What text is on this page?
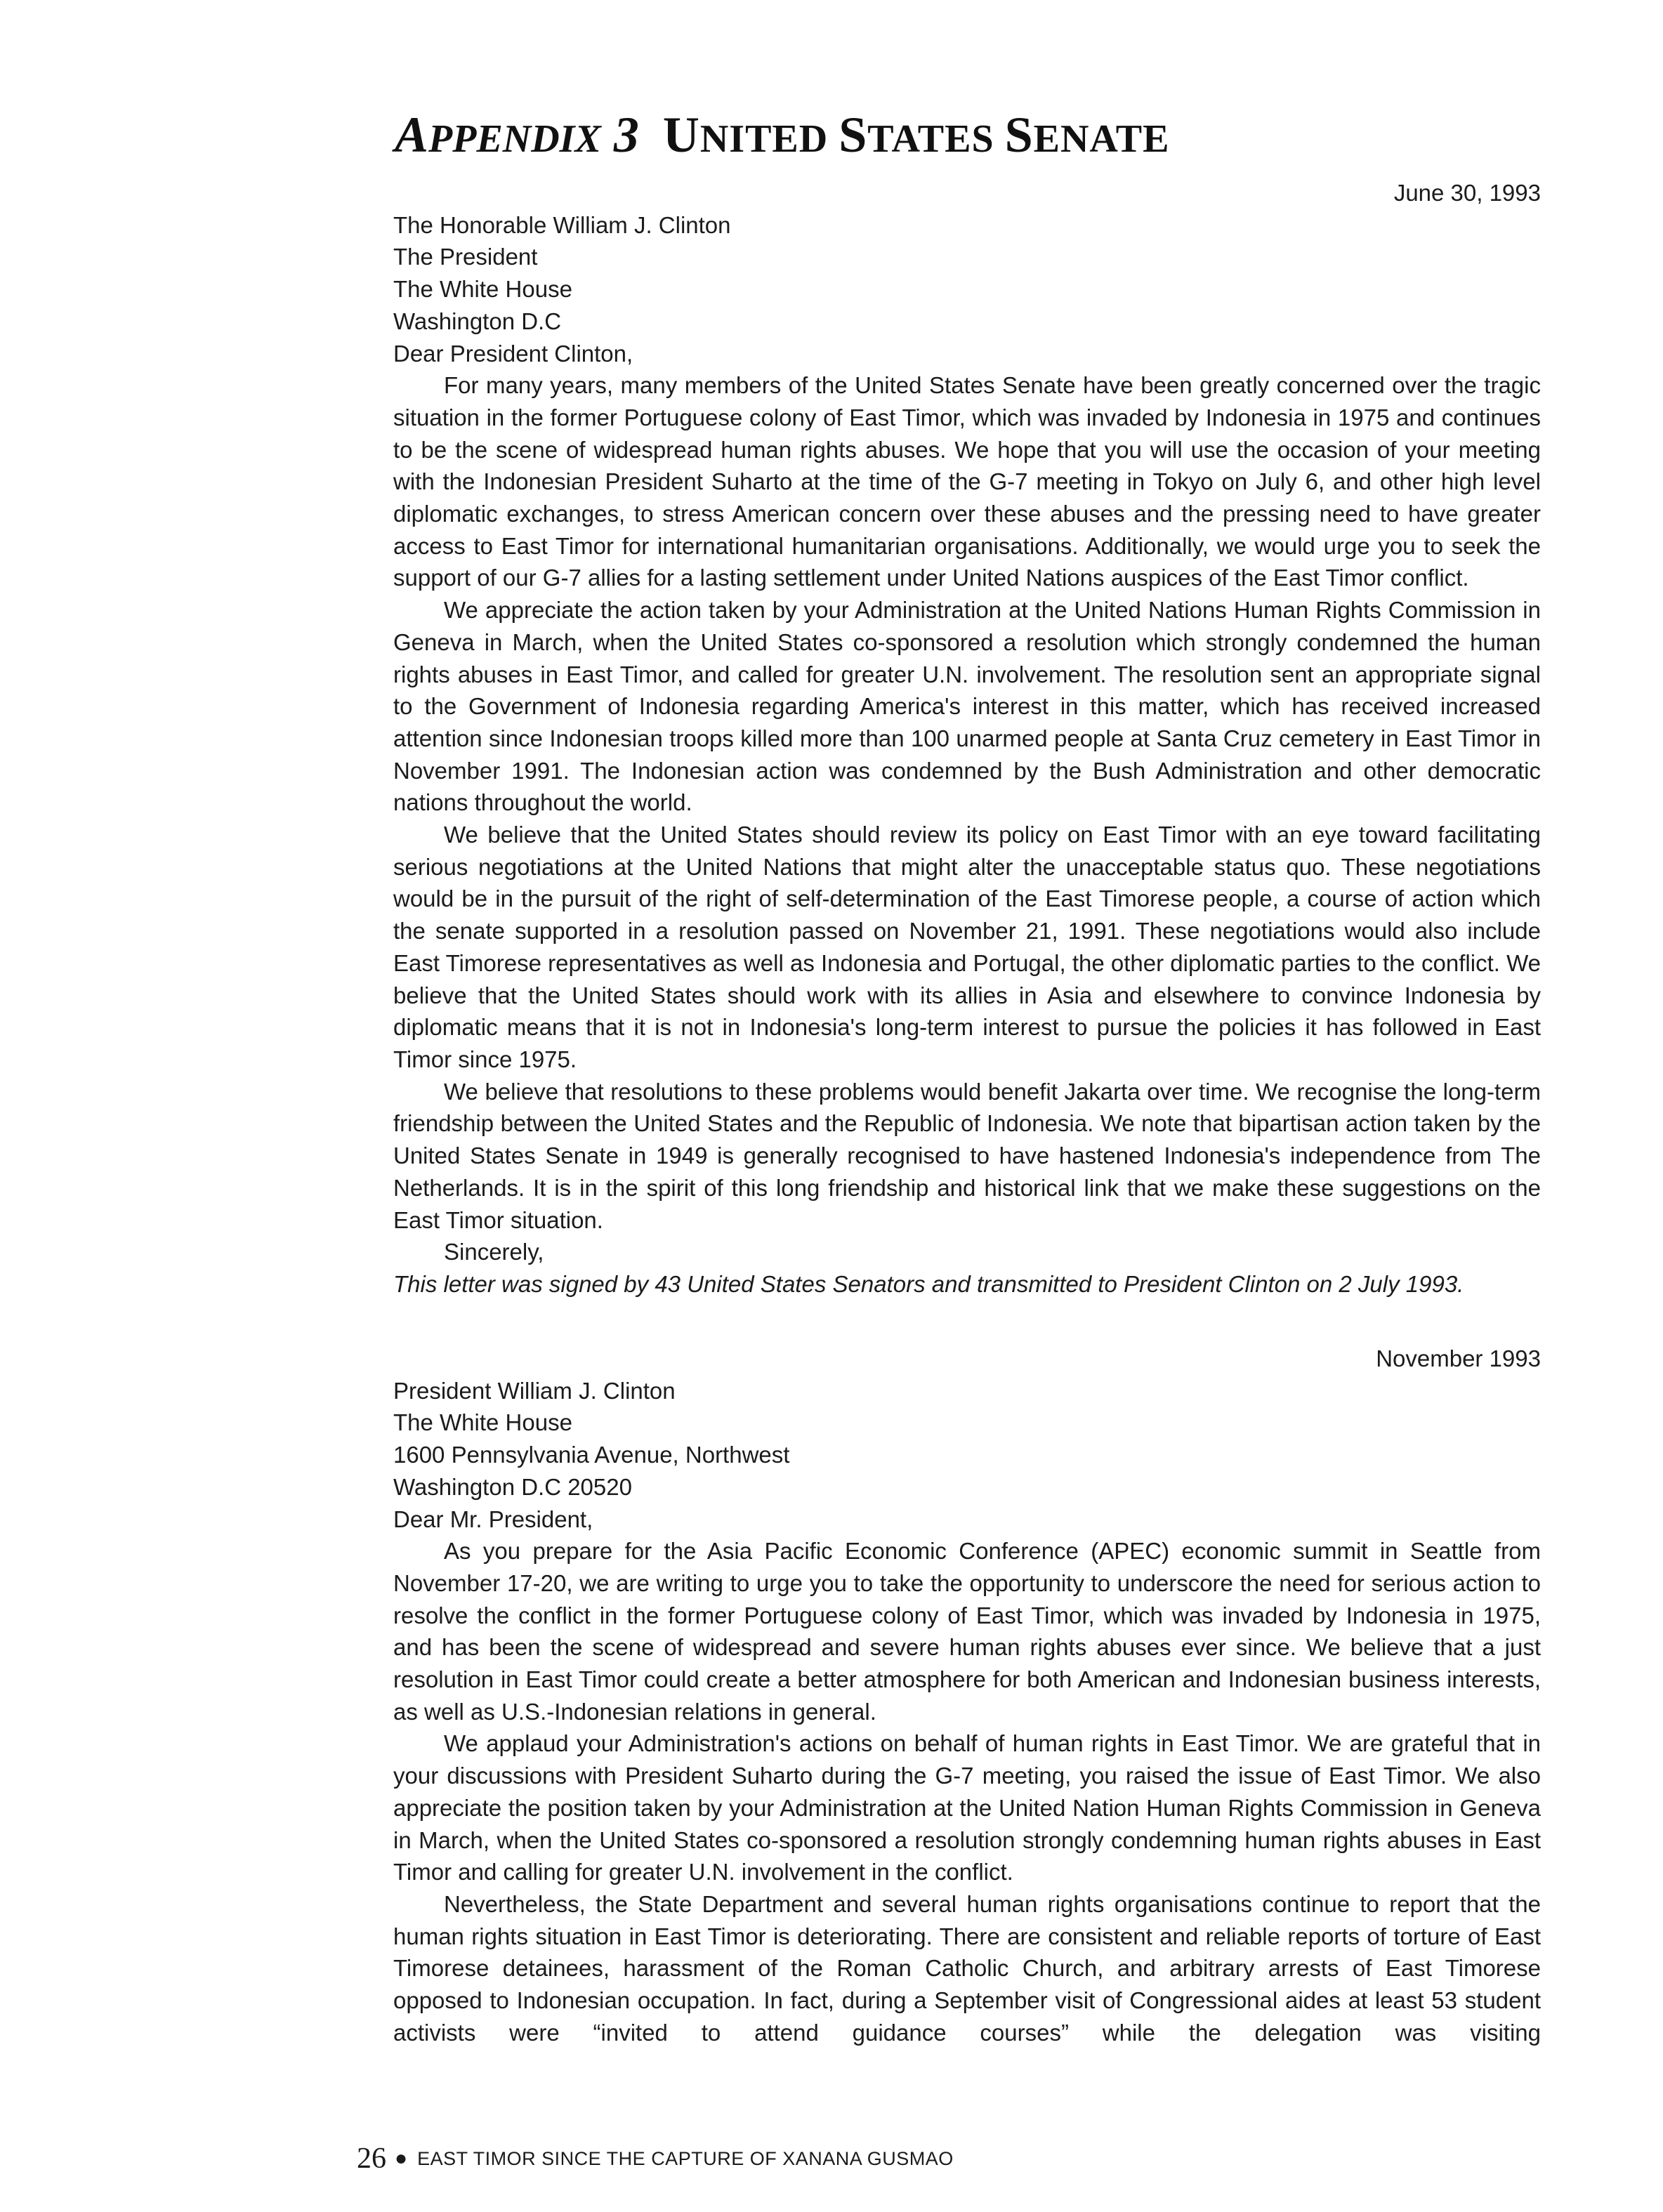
APPENDIX 3 UNITED STATES SENATE
June 30, 1993

The Honorable William J. Clinton

The President

The White House

Washington D.C

Dear President Clinton,

For many years, many members of the United States Senate have been greatly concerned over the tragic situation in the former Portuguese colony of East Timor, which was invaded by Indonesia in 1975 and continues to be the scene of widespread human rights abuses. We hope that you will use the occasion of your meeting with the Indonesian President Suharto at the time of the G-7 meeting in Tokyo on July 6, and other high level diplomatic exchanges, to stress American concern over these abuses and the pressing need to have greater access to East Timor for international humanitarian organisations. Additionally, we would urge you to seek the support of our G-7 allies for a lasting settlement under United Nations auspices of the East Timor conflict.

We appreciate the action taken by your Administration at the United Nations Human Rights Commission in Geneva in March, when the United States co-sponsored a resolution which strongly condemned the human rights abuses in East Timor, and called for greater U.N. involvement. The resolution sent an appropriate signal to the Government of Indonesia regarding America's interest in this matter, which has received increased attention since Indonesian troops killed more than 100 unarmed people at Santa Cruz cemetery in East Timor in November 1991. The Indonesian action was condemned by the Bush Administration and other democratic nations throughout the world.

We believe that the United States should review its policy on East Timor with an eye toward facilitating serious negotiations at the United Nations that might alter the unacceptable status quo. These negotiations would be in the pursuit of the right of self-determination of the East Timorese people, a course of action which the senate supported in a resolution passed on November 21, 1991. These negotiations would also include East Timorese representatives as well as Indonesia and Portugal, the other diplomatic parties to the conflict. We believe that the United States should work with its allies in Asia and elsewhere to convince Indonesia by diplomatic means that it is not in Indonesia's long-term interest to pursue the policies it has followed in East Timor since 1975.

We believe that resolutions to these problems would benefit Jakarta over time. We recognise the long-term friendship between the United States and the Republic of Indonesia. We note that bipartisan action taken by the United States Senate in 1949 is generally recognised to have hastened Indonesia's independence from The Netherlands. It is in the spirit of this long friendship and historical link that we make these suggestions on the East Timor situation.

Sincerely,

This letter was signed by 43 United States Senators and transmitted to President Clinton on 2 July 1993.

November 1993

President William J. Clinton

The White House

1600 Pennsylvania Avenue, Northwest

Washington D.C 20520

Dear Mr. President,

As you prepare for the Asia Pacific Economic Conference (APEC) economic summit in Seattle from November 17-20, we are writing to urge you to take the opportunity to underscore the need for serious action to resolve the conflict in the former Portuguese colony of East Timor, which was invaded by Indonesia in 1975, and has been the scene of widespread and severe human rights abuses ever since. We believe that a just resolution in East Timor could create a better atmosphere for both American and Indonesian business interests, as well as U.S.-Indonesian relations in general.

We applaud your Administration's actions on behalf of human rights in East Timor. We are grateful that in your discussions with President Suharto during the G-7 meeting, you raised the issue of East Timor. We also appreciate the position taken by your Administration at the United Nation Human Rights Commission in Geneva in March, when the United States co-sponsored a resolution strongly condemning human rights abuses in East Timor and calling for greater U.N. involvement in the conflict.

Nevertheless, the State Department and several human rights organisations continue to report that the human rights situation in East Timor is deteriorating. There are consistent and reliable reports of torture of East Timorese detainees, harassment of the Roman Catholic Church, and arbitrary arrests of East Timorese opposed to Indonesian occupation. In fact, during a September visit of Congressional aides at least 53 student activists were “invited to attend guidance courses” while the delegation was visiting

26 ● EAST TIMOR SINCE THE CAPTURE OF XANANA GUSMAO
